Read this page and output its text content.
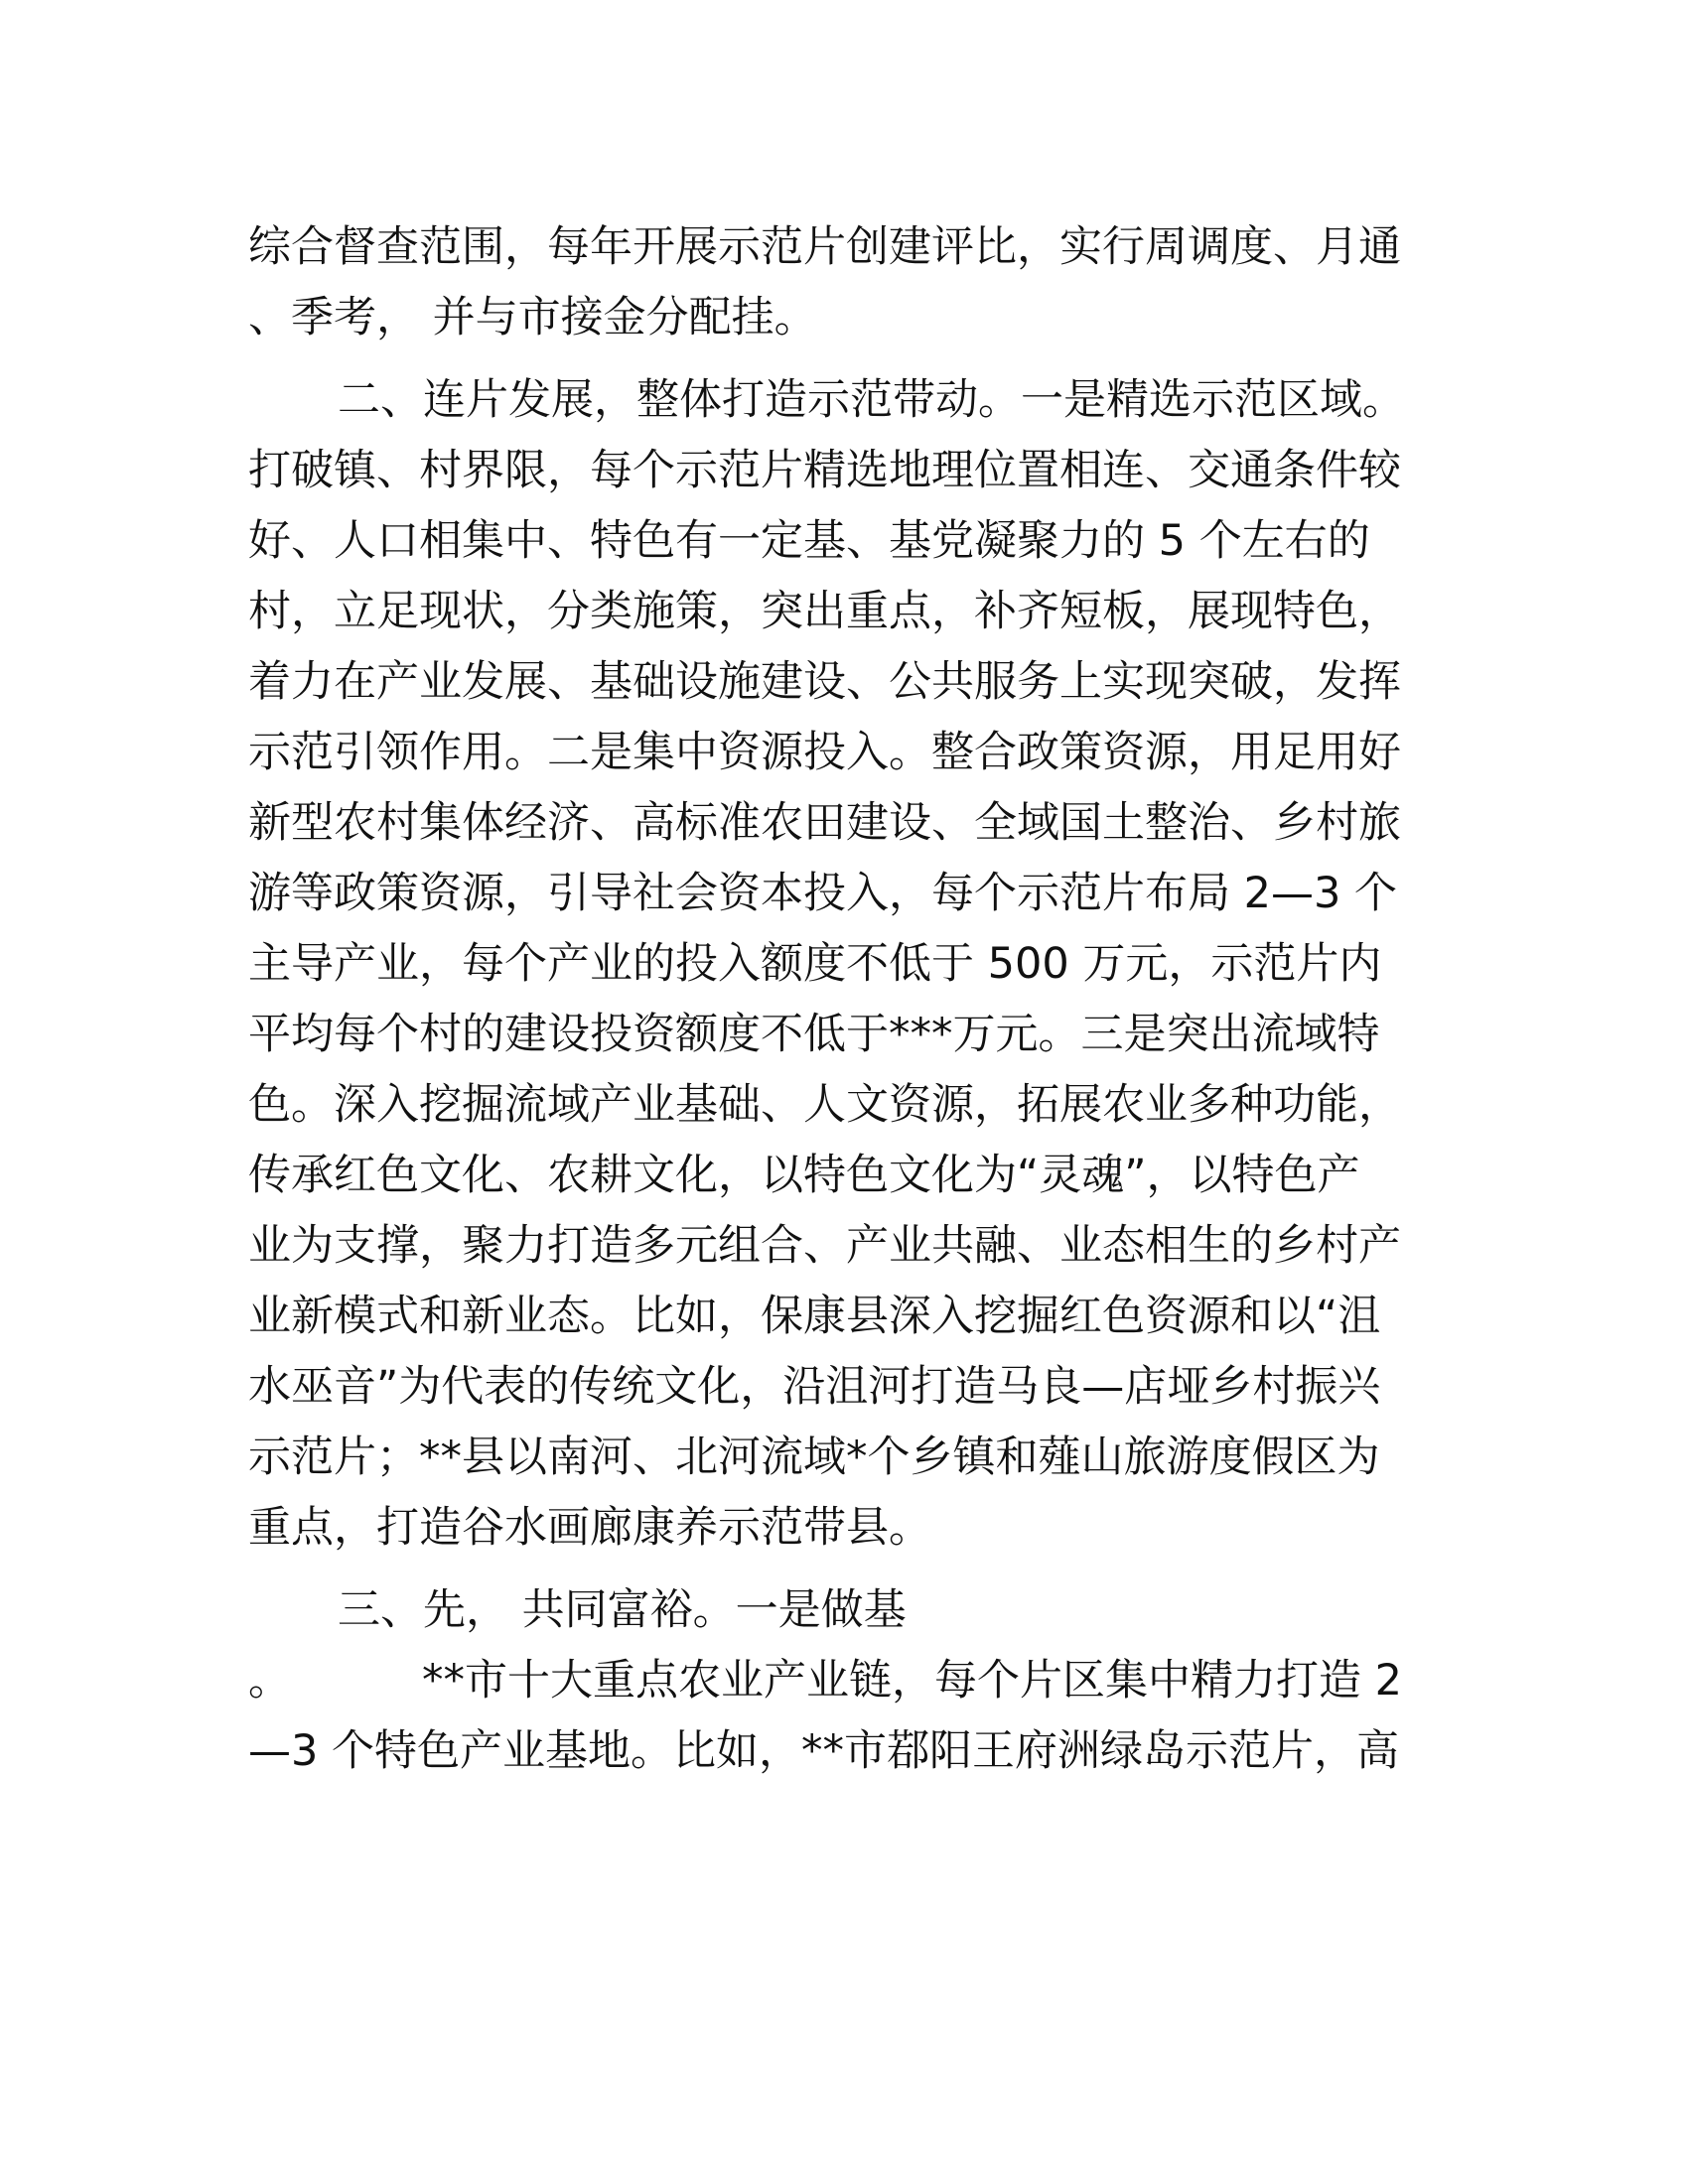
综合督查范围，每年开展示范片创建评比，实行周调度、月通
、季考， 并与市接金分配挂。
二、连片发展，整体打造示范带动。一是精选示范区域。
打破镇、村界限，每个示范片精选地理位置相连、交通条件较
好、人口相集中、特色有一定基、基党凝聚力的 5 个左右的
村，立足现状，分类施策，突出重点，补齐短板，展现特色，
着力在产业发展、基础设施建设、公共服务上实现突破，发挥
示范引领作用。二是集中资源投入。整合政策资源，用足用好
新型农村集体经济、高标准农田建设、全域国土整治、乡村旅
游等政策资源，引导社会资本投入，每个示范片布局 2—3 个
主导产业，每个产业的投入额度不低于 500 万元，示范片内
平均每个村的建设投资额度不低于***万元。三是突出流域特
色。深入挖掘流域产业基础、人文资源，拓展农业多种功能，
传承红色文化、农耕文化，以特色文化为“灵魂”，以特色产
业为支撑，聚力打造多元组合、产业共融、业态相生的乡村产
业新模式和新业态。比如，保康县深入挖掘红色资源和以“沮
水巫音”为代表的传统文化，沿沮河打造马良—店垭乡村振兴
示范片；**县以南河、北河流域*个乡镇和薤山旅游度假区为
重点，打造谷水画廊康养示范带县。
三、先， 共同富裕。一是做基
。	**市十大重点农业产业链，每个片区集中精力打造 2
—3 个特色产业基地。比如，**市鄀阳王府洲绿岛示范片，高
